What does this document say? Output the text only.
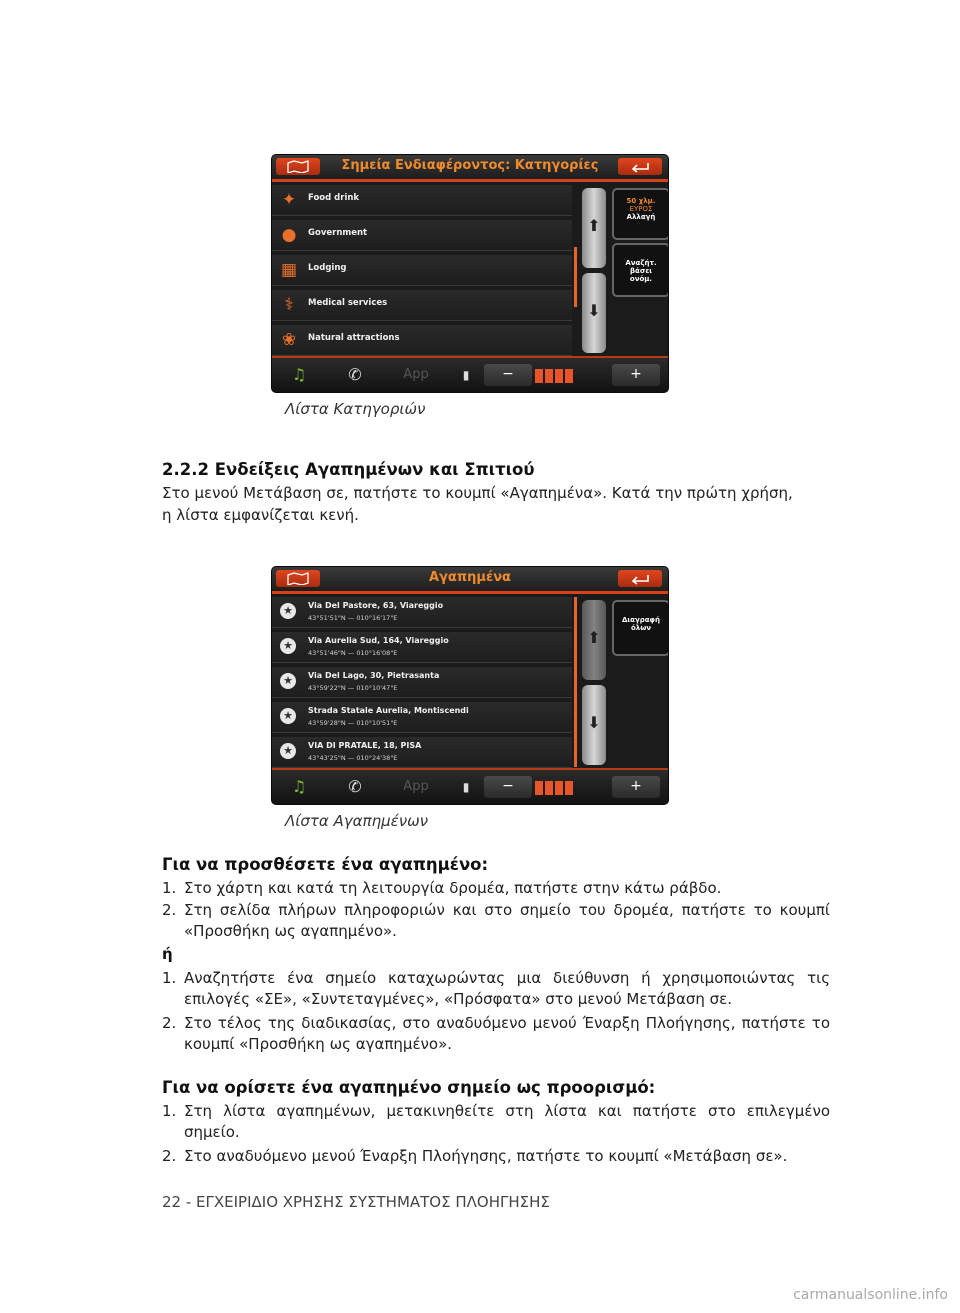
Σημεία Ενδιαφέροντος: Κατηγορίες
✦	Food drink
●	Government
▦	Lodging
⚕	Medical services
❀	Natural attractions
⬆
⬇
50 χλμ.
ΕΥΡΟΣ
Αλλαγή
Αναζήτ. βάσει
ονόμ.
♫	✆	App	▮	−	+
Λίστα Κατηγοριών
2.2.2 Ενδείξεις Αγαπημένων και Σπιτιού
Στο μενού Μετάβαση σε, πατήστε το κουμπί «Αγαπημένα». Κατά την πρώτη χρήση,
η λίστα εμφανίζεται κενή.
Αγαπημένα
★	Via Del Pastore, 63, Viareggio
43°51'51"N — 010°16'17"E
★	Via Aurelia Sud, 164, Viareggio
43°51'46"N — 010°16'08"E
★	Via Del Lago, 30, Pietrasanta
43°59'22"N — 010°10'47"E
★	Strada Statale Aurelia, Montiscendi
43°59'28"N — 010°10'51"E
★	VIA DI PRATALE, 18, PISA
43°43'25"N — 010°24'38"E
⬆
⬇
Διαγραφή
όλων
♫	✆	App	▮	−	+
Λίστα Αγαπημένων
Για να προσθέσετε ένα αγαπημένο:
1. Στο χάρτη και κατά τη λειτουργία δρομέα, πατήστε στην κάτω ράβδο.
2. Στη σελίδα πλήρων πληροφοριών και στο σημείο του δρομέα, πατήστε το κουμπί «Προσθήκη ως αγαπημένο».
ή
1. Αναζητήστε ένα σημείο καταχωρώντας μια διεύθυνση ή χρησιμοποιώντας τις επιλογές «ΣΕ», «Συντεταγμένες», «Πρόσφατα» στο μενού Μετάβαση σε.
2. Στο τέλος της διαδικασίας, στο αναδυόμενο μενού Έναρξη Πλοήγησης, πατήστε το κουμπί «Προσθήκη ως αγαπημένο».
Για να ορίσετε ένα αγαπημένο σημείο ως προορισμό:
1. Στη λίστα αγαπημένων, μετακινηθείτε στη λίστα και πατήστε στο επιλεγμένο σημείο.
2. Στο αναδυόμενο μενού Έναρξη Πλοήγησης, πατήστε το κουμπί «Μετάβαση σε».
22 - ΕΓΧΕΙΡΙΔΙΟ ΧΡΗΣΗΣ ΣΥΣΤΗΜΑΤΟΣ ΠΛΟΗΓΗΣΗΣ
carmanualsonline.info
